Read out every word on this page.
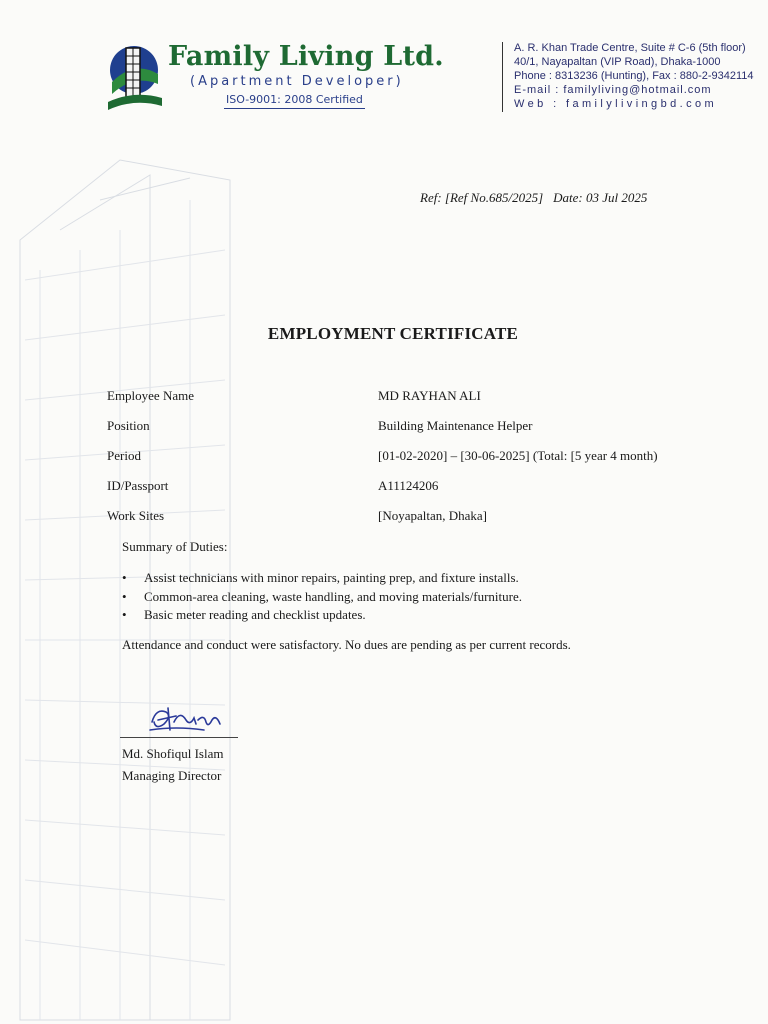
Family Living Ltd.
(Apartment Developer)
ISO-9001: 2008 Certified
A. R. Khan Trade Centre, Suite # C-6 (5th floor)
40/1, Nayapaltan (VIP Road), Dhaka-1000
Phone : 8313236 (Hunting), Fax : 880-2-9342114
E-mail : familyliving@hotmail.com
Web : familylivingbd.com
Ref: [Ref No.685/2025] Date: 03 Jul 2025
EMPLOYMENT CERTIFICATE
Employee Name	MD RAYHAN ALI
Position	Building Maintenance Helper
Period	[01-02-2020] – [30-06-2025] (Total: [5 year 4 month)
ID/Passport	A11124206
Work Sites	[Noyapaltan, Dhaka]
Summary of Duties:
• Assist technicians with minor repairs, painting prep, and fixture installs.
• Common-area cleaning, waste handling, and moving materials/furniture.
• Basic meter reading and checklist updates.
Attendance and conduct were satisfactory. No dues are pending as per current records.
Md. Shofiqul Islam
Managing Director
